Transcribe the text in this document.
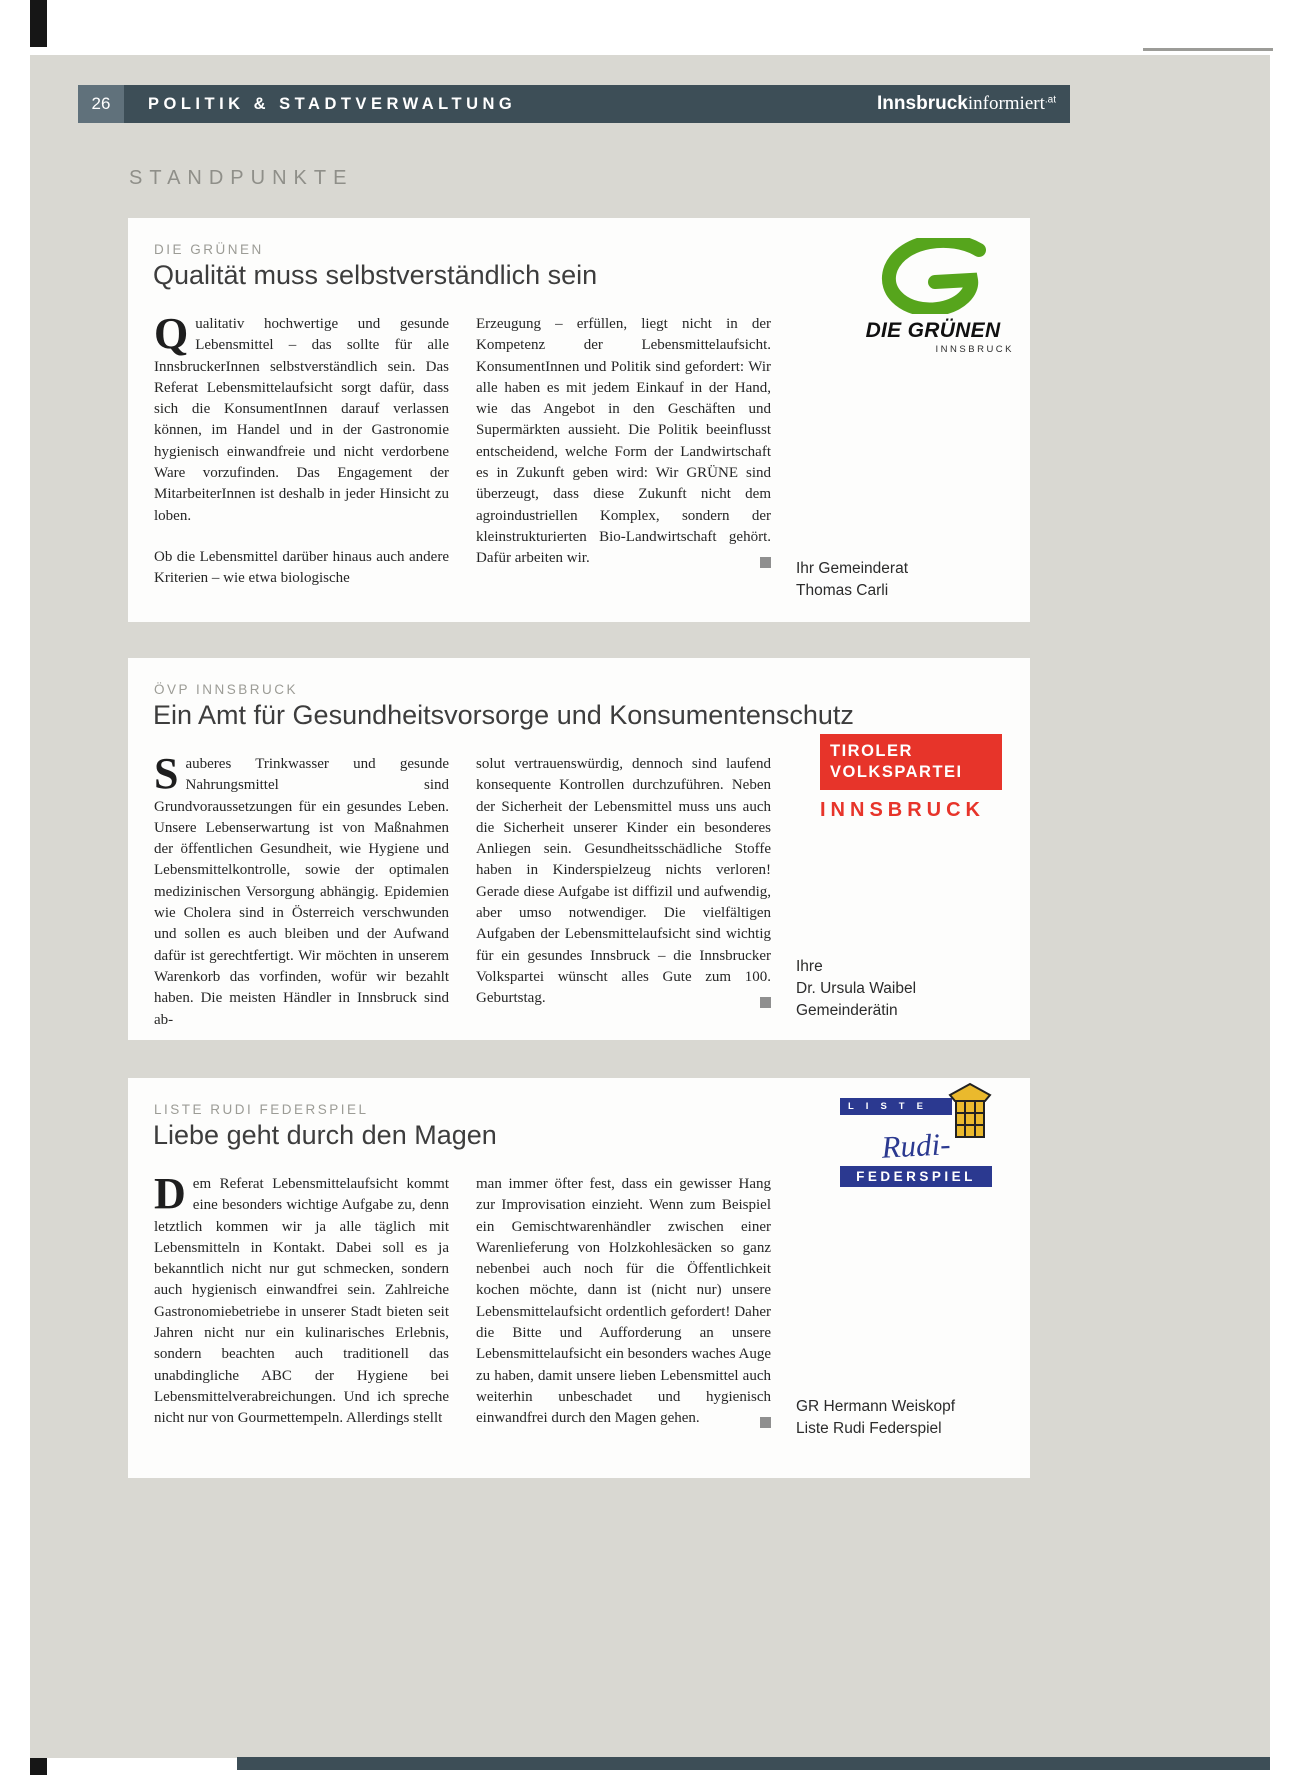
26	POLITIK & STADTVERWALTUNG	Innsbruckinformiert$^{.at}$
STANDPUNKTE
DIE GRÜNEN
Qualität muss selbstverständlich sein

Qualitativ hochwertige und gesunde Lebensmittel – das sollte für alle InnsbruckerInnen selbstverständlich sein. Das Referat Lebensmittelaufsicht sorgt dafür, dass sich die KonsumentInnen darauf verlassen können, im Handel und in der Gastronomie hygienisch einwandfreie und nicht verdorbene Ware vorzufinden. Das Engagement der MitarbeiterInnen ist deshalb in jeder Hinsicht zu loben.

Ob die Lebensmittel darüber hinaus auch andere Kriterien – wie etwa biologische

Erzeugung – erfüllen, liegt nicht in der Kompetenz der Lebensmittelaufsicht. KonsumentInnen und Politik sind gefordert: Wir alle haben es mit jedem Einkauf in der Hand, wie das Angebot in den Geschäften und Supermärkten aussieht. Die Politik beeinflusst entscheidend, welche Form der Landwirtschaft es in Zukunft geben wird: Wir GRÜNE sind überzeugt, dass diese Zukunft nicht dem agroindustriellen Komplex, sondern der kleinstrukturierten Bio-Landwirtschaft gehört. Dafür arbeiten wir.

DIE GRÜNEN
INNSBRUCK
Ihr Gemeinderat
Thomas Carli
ÖVP INNSBRUCK
Ein Amt für Gesundheitsvorsorge und Konsumentenschutz

Sauberes Trinkwasser und gesunde Nahrungsmittel sind Grundvoraussetzungen für ein gesundes Leben. Unsere Lebenserwartung ist von Maßnahmen der öffentlichen Gesundheit, wie Hygiene und Lebensmittelkontrolle, sowie der optimalen medizinischen Versorgung abhängig. Epidemien wie Cholera sind in Österreich verschwunden und sollen es auch bleiben und der Aufwand dafür ist gerechtfertigt. Wir möchten in unserem Warenkorb das vorfinden, wofür wir bezahlt haben. Die meisten Händler in Innsbruck sind ab-

solut vertrauenswürdig, dennoch sind laufend konsequente Kontrollen durchzuführen. Neben der Sicherheit der Lebensmittel muss uns auch die Sicherheit unserer Kinder ein besonderes Anliegen sein. Gesundheitsschädliche Stoffe haben in Kinderspielzeug nichts verloren! Gerade diese Aufgabe ist diffizil und aufwendig, aber umso notwendiger. Die vielfältigen Aufgaben der Lebensmittelaufsicht sind wichtig für ein gesundes Innsbruck – die Innsbrucker Volkspartei wünscht alles Gute zum 100. Geburtstag.

TIROLER
VOLKSPARTEI
INNSBRUCK
Ihre
Dr. Ursula Waibel
Gemeinderätin
LISTE RUDI FEDERSPIEL
Liebe geht durch den Magen

Dem Referat Lebensmittelaufsicht kommt eine besonders wichtige Aufgabe zu, denn letztlich kommen wir ja alle täglich mit Lebensmitteln in Kontakt. Dabei soll es ja bekanntlich nicht nur gut schmecken, sondern auch hygienisch einwandfrei sein. Zahlreiche Gastronomiebetriebe in unserer Stadt bieten seit Jahren nicht nur ein kulinarisches Erlebnis, sondern beachten auch traditionell das unabdingliche ABC der Hygiene bei Lebensmittelverabreichungen. Und ich spreche nicht nur von Gourmettempeln. Allerdings stellt

man immer öfter fest, dass ein gewisser Hang zur Improvisation einzieht. Wenn zum Beispiel ein Gemischtwarenhändler zwischen einer Warenlieferung von Holzkohlesäcken so ganz nebenbei auch noch für die Öffentlichkeit kochen möchte, dann ist (nicht nur) unsere Lebensmittelaufsicht ordentlich gefordert! Daher die Bitte und Aufforderung an unsere Lebensmittelaufsicht ein besonders waches Auge zu haben, damit unsere lieben Lebensmittel auch weiterhin unbeschadet und hygienisch einwandfrei durch den Magen gehen.

LISTE
Rudi-
FEDERSPIEL
GR Hermann Weiskopf
Liste Rudi Federspiel
